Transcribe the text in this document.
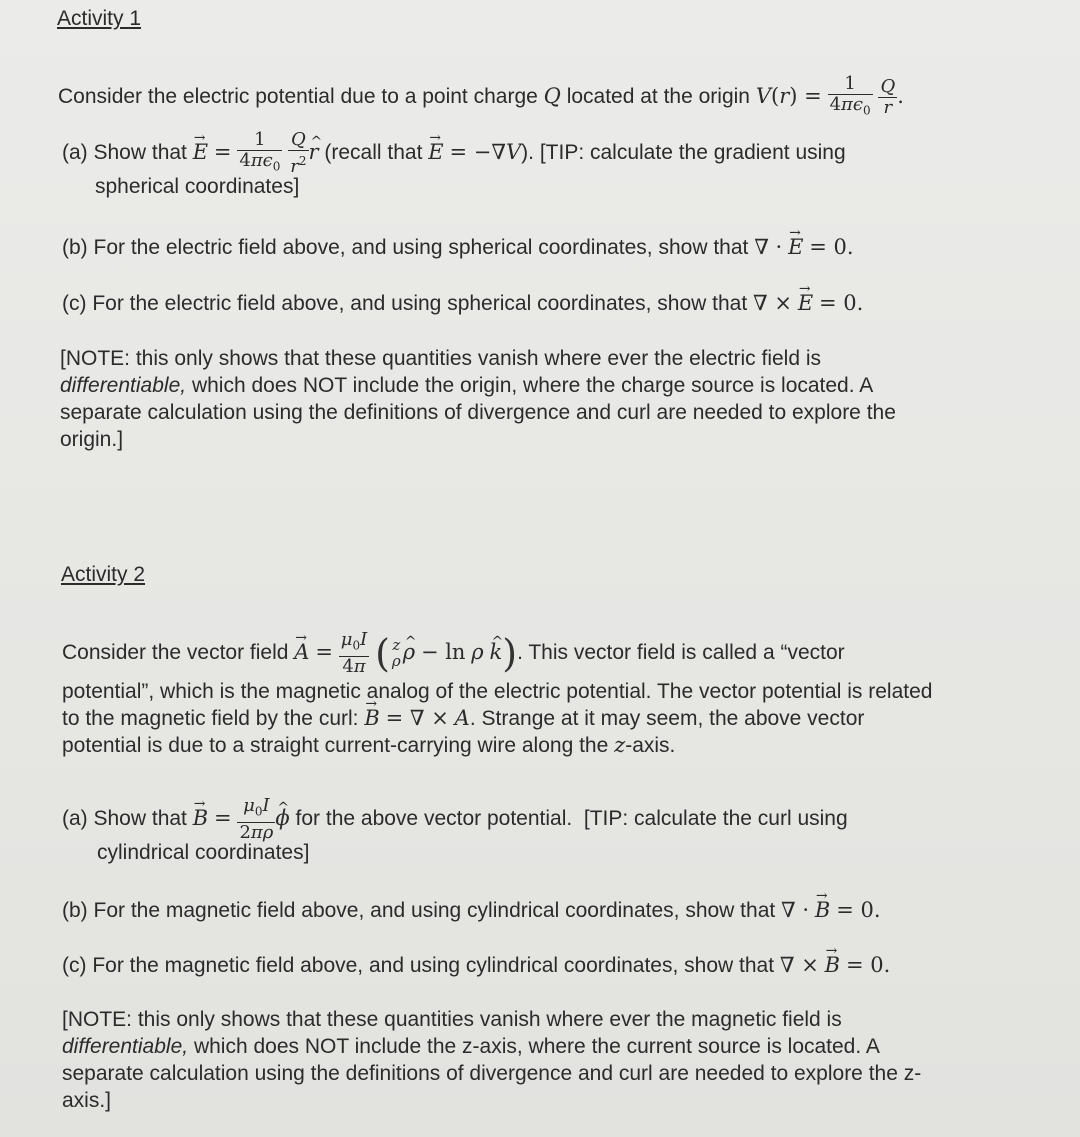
Activity 1
Consider the electric potential due to a point charge Q located at the origin $V(r) = \frac{1}{4\pi\epsilon_0}$
$\frac{Q}{r}$ .
(a) Show that → $E = \frac{1}{4\pi\epsilon_0}$
$\frac{Q}{r^2}$ ^ r (recall that → E = −∇V). [TIP: calculate the gradient using
spherical coordinates]
(b) For the electric field above, and using spherical coordinates, show that ∇ · → E = 0.
(c) For the electric field above, and using spherical coordinates, show that ∇ × → E = 0.
[NOTE: this only shows that these quantities vanish where ever the electric field is
differentiable, which does NOT include the origin, where the charge source is located. A
separate calculation using the definitions of divergence and curl are needed to explore the
origin.]
Activity 2
Consider the vector field → $A = \frac{\mu_0I}{4\pi}$ ( z
ρ ^ ρ − ln ρ ^ k). This vector field is called a “vector
potential”, which is the magnetic analog of the electric potential. The vector potential is related
to the magnetic field by the curl: → B = ∇ × A. Strange at it may seem, the above vector
potential is due to a straight current-carrying wire along the z-axis.
(a) Show that → $B = \frac{\mu_0I}{2\pi\rho}$ ^ ϕ for the above vector potential.  [TIP: calculate the curl using
cylindrical coordinates]
(b) For the magnetic field above, and using cylindrical coordinates, show that ∇ · → B = 0.
(c) For the magnetic field above, and using cylindrical coordinates, show that ∇ × → B = 0.
[NOTE: this only shows that these quantities vanish where ever the magnetic field is
differentiable, which does NOT include the z-axis, where the current source is located. A
separate calculation using the definitions of divergence and curl are needed to explore the z-
axis.]
